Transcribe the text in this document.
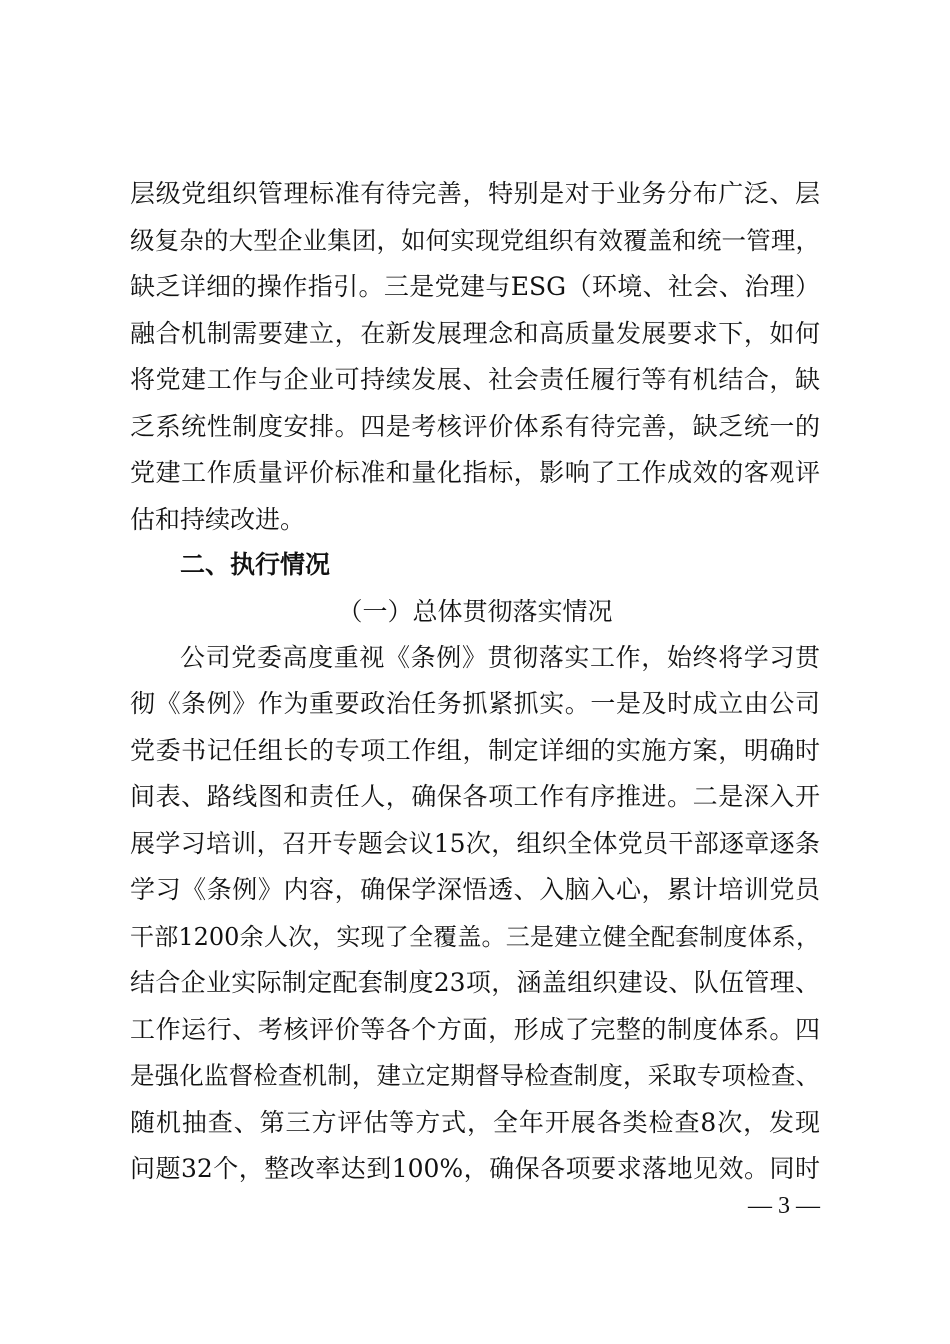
层级党组织管理标准有待完善，特别是对于业务分布广泛、层
级复杂的大型企业集团，如何实现党组织有效覆盖和统一管理，
缺乏详细的操作指引。三是党建与ESG（环境、社会、治理）
融合机制需要建立，在新发展理念和高质量发展要求下，如何
将党建工作与企业可持续发展、社会责任履行等有机结合，缺
乏系统性制度安排。四是考核评价体系有待完善，缺乏统一的
党建工作质量评价标准和量化指标，影响了工作成效的客观评
估和持续改进。
二、执行情况
（一）总体贯彻落实情况
公司党委高度重视《条例》贯彻落实工作，始终将学习贯
彻《条例》作为重要政治任务抓紧抓实。一是及时成立由公司
党委书记任组长的专项工作组，制定详细的实施方案，明确时
间表、路线图和责任人，确保各项工作有序推进。二是深入开
展学习培训，召开专题会议15次，组织全体党员干部逐章逐条
学习《条例》内容，确保学深悟透、入脑入心，累计培训党员
干部1200余人次，实现了全覆盖。三是建立健全配套制度体系，
结合企业实际制定配套制度23项，涵盖组织建设、队伍管理、
工作运行、考核评价等各个方面，形成了完整的制度体系。四
是强化监督检查机制，建立定期督导检查制度，采取专项检查、
随机抽查、第三方评估等方式，全年开展各类检查8次，发现
问题32个，整改率达到100%，确保各项要求落地见效。同时
— 3 —
